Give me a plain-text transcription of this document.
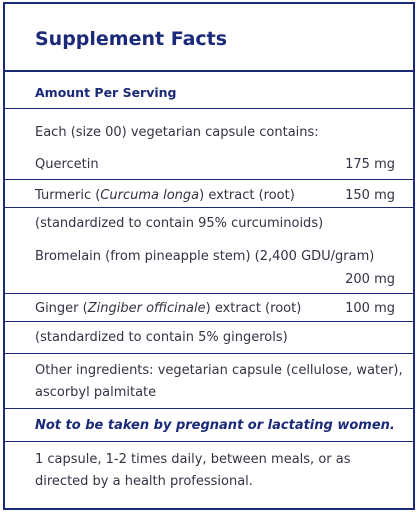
Supplement Facts
Amount Per Serving
Each (size 00) vegetarian capsule contains:
Quercetin	175 mg
Turmeric (Curcuma longa) extract (root)	150 mg
(standardized to contain 95% curcuminoids)
Bromelain (from pineapple stem) (2,400 GDU/gram)
200 mg
Ginger (Zingiber officinale) extract (root)	100 mg
(standardized to contain 5% gingerols)
Other ingredients: vegetarian capsule (cellulose, water),
ascorbyl palmitate
Not to be taken by pregnant or lactating women.
1 capsule, 1-2 times daily, between meals, or as
directed by a health professional.
